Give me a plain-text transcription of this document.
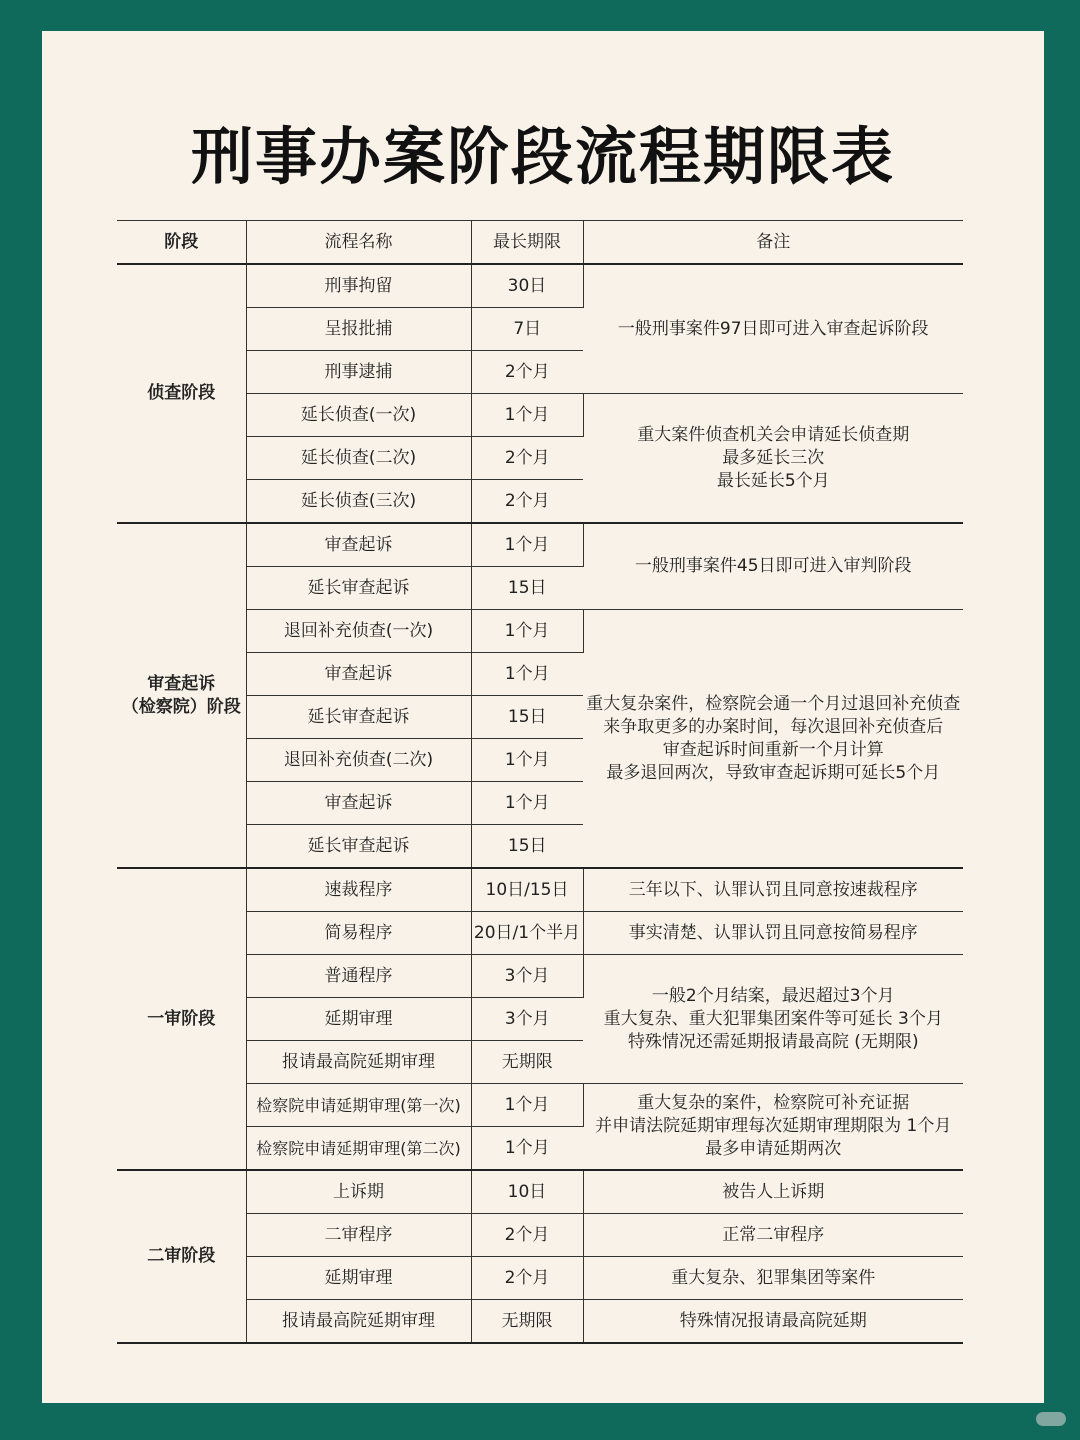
刑事办案阶段流程期限表
阶段	流程名称	最长期限	备注
侦查阶段	刑事拘留	30日	一般刑事案件97日即可进入审查起诉阶段

	呈报批捕	7日	
	刑事逮捕	2个月	
	延长侦查(一次)	1个月	重大案件侦查机关会申请延长侦查期
最多延长三次
最长延长5个月

	延长侦查(二次)	2个月	
	延长侦查(三次)	2个月	

审查起诉
（检察院）阶段	审查起诉	1个月	一般刑事案件45日即可进入审判阶段

	延长审查起诉	15日	
	退回补充侦查(一次)	1个月	重大复杂案件，检察院会通一个月过退回补充侦查
来争取更多的办案时间，每次退回补充侦查后
审查起诉时间重新一个月计算
最多退回两次，导致审查起诉期可延长5个月

	审查起诉	1个月	
	延长审查起诉	15日	
	退回补充侦查(二次)	1个月	
	审查起诉	1个月	
	延长审查起诉	15日	
一审阶段	速裁程序	10日/15日	三年以下、认罪认罚且同意按速裁程序

	简易程序	20日/1个半月	事实清楚、认罪认罚且同意按简易程序

	普通程序	3个月	一般2个月结案，最迟超过3个月
重大复杂、重大犯罪集团案件等可延长 3个月
特殊情况还需延期报请最高院 (无期限)

	延期审理	3个月	
	报请最高院延期审理	无期限	
	检察院申请延期审理(第一次)	1个月	重大复杂的案件，检察院可补充证据
并申请法院延期审理每次延期审理期限为 1个月
最多申请延期两次

	检察院申请延期审理(第二次)	1个月	
二审阶段	上诉期	10日	被告人上诉期

	二审程序	2个月	正常二审程序

	延期审理	2个月	重大复杂、犯罪集团等案件

	报请最高院延期审理	无期限	特殊情况报请最高院延期
